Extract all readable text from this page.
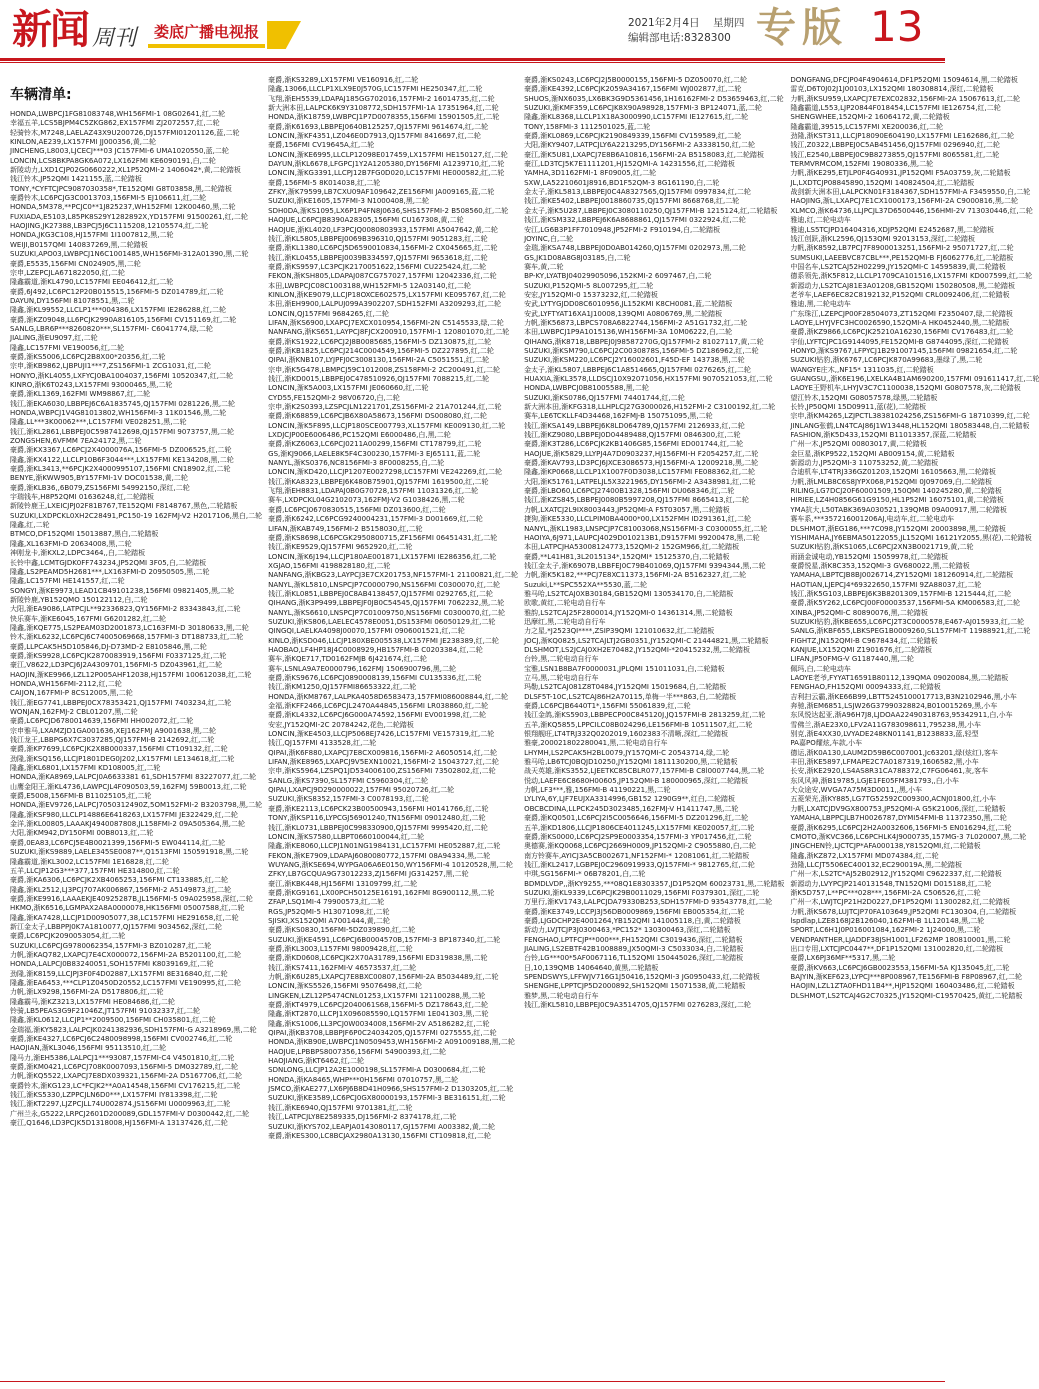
新闻 周刊	娄底广播电视报
2021年2月4日 星期四
编辑部电话:8328300 专版 13
车辆清单:
HONDA,LWBPCJ1FG81083748,WH156FMI-1 08G02641,红,二轮
幸福五羊,LCS5BJPM4C5ZKG862,EX157FMI ZJ2072557,红,二轮
轻骑铃木,M7248,LAELAZ43X9U200726,DJ157FMI01201126,蓝,二轮
KINLON,AE239,LX157FMI JJ000356,黄,二轮
JINCHENG,L8003,LJCECJ***03 JC157FMI-6 UMA1020550,蓝,二轮
LONCIN,LCS8BKPA8GK6A072,LX162FMI KE6090191,白,二轮
新陵动力,LXD1CJP02G0660222,XL1P52QMI-2 1406042*,黄,二轮踏板
钱江铃木,JP52QMI 1421155,蓝,二轮踏板
TONY,*CYFTCJPC9087030358*,TE152QMI G8T03858,黑,二轮踏板
豪爵铃木,LC6PCJG3C0013703,156FMI-5 EJ106611,红,二轮
HONDA,5M378,**PCJC0**1J825237,WH152FMI 12K00460,黑,二轮
FUXIADA,E5103,L85PK8S29Y1282892X,YD157FMI 91500261,红,二轮
HAOJING,JK27388,LB3PCJ5J6C1115208,12105574,红,二轮
HONDA,JKG3C108,HJ157FMI 1I1007812,黑,二轮
WEIJI,B0157QMI 140837269,黑,二轮踏板
SUZUKI,APO03,LWBPCJ1N6C1001485,WH156FMI-312A01390,黑,二轮
豪爵,E5535,156FMI CN024905,黑,二轮
宗申,LZEPCJLA671822050,红,二轮
隆鑫霸道,渐KL4790,LC157FMI EE046412,红,二轮
豪爵,6J492,LC6PC12P20B015515,156FMI-5 DZ014789,红,二轮
DAYUN,DY156FMI 81078551,黑,二轮
隆鑫,渐KL99552,LLCLP1***004386,LX157FMI IE286288,红,二轮
豪爵,渐KZ09048,LL6PCJK2990A816105,156FMI CV151169,红,二轮
SANLG,LBR6P***8260820***,SL157FMI- C6041774,绿,二轮
JIALING,渐EU9097,红,二轮
隆鑫,LC157FMI VE190056,红,二轮
豪爵,渐KS5006,LC6PCJ2B8X00*20356,红,二轮
宗申,渐KB9862,LJBPUJI1***7,ZS156FMI-1 ZCG1031,红,二轮
HONYO,渐KL4055,LXFYCJ0BA1004037,156FMI 10520347,红,二轮
KINRO,渐K6T0243,LX157FMI 93000465,黑,二轮
豪爵,渐KL1369,162FMI WM98867,红,二轮
钱江,渐EKA6030,LBBPEJ6C6A1835745,QJ157FMI 0281226,黑,二轮
HONDA,WBPCJ1V4G81013802,WH156FMI-3 11K01546,黑,二轮
隆鑫,LL***3K00062***,LC157FMI VE028251,黑,二轮
钱江,渐KL2861,LBBPEJ0C5987412698,QJ157FMI 9073757,黑,二轮
ZONGSHEN,6VFMM 7EA24172,黑,二轮
豪爵,渐KX3367,LC6PCJ2X4000076A,156FMI-5 DZ006525,红,二轮
隆鑫,渐KX4122,LLCLP10B6F3044***,LX157FMI KE134208,黑,二轮
豪爵,渐KL3413,**6PCJK2X4000995107,156FMI CN18902,红,二轮
BENYE,渐KWW905,BY157FMI-1V DOC01538,黄,二轮
豪爵,渐KLB36,,6B079,ZS156FMI 54992150,深红,二轮
宇瑞钱车,H8P52QMI 01636248,红,二轮踏板
新陵铃鹿王,LXEICJPJ02F81B767,TE152QMI F8148767,黑色,二轮踏板
SUZUKI,LXDPCKL0XH2C28491,PC150-19 162FMJ-V2 H2017106,黑白,二轮
隆鑫,红,二轮
BTMCO,DF152QMI 15013887,黑白,二轮踏板
隆鑫,XL163FMI-D 20634008,黑,二轮
神刚龙卡,渐KXL2,LDPC3464,,白,二轮踏板
长铃中鑫,LCMTGJDK0FF743234,JP52QMI 3F05,白,二轮踏板
隆鑫,LS2PEAMD5H2681***,LX163FMI-D 20950505,黑,二轮
隆鑫,LC157FMI HE141557,红,二轮
SONGYI,渐KE9973,LEAD1CB49101238,156FMI 09821405,黑,二轮
新陵铃鹿,YB152QMO 150122112,白,二轮
大阳,渐EA9086,LATPCJL**92336823,QY156FMI-2 83343843,红,二轮
快乐赛车,渐KE6045,167FMI G6201282,红,二轮
隆鑫,渐KQE775,LS2PEAM03D2001873,LC163FMI-D 30180633,黑,二轮
铃木,渐KL6232,LC6PCJ6C74005069668,157FMI-3 DT188733,红,二轮
豪爵,LLPCAK5H5D105846,DJ-D73MD-2 E8105846,黑,二轮
豪爵,渐KS9928,LC6PCJK2870083919,156FMI F0337125,红,二轮
豪江,V8622,LD3PCJ6J2A4309701,156FMI-5 DZ043961,红,二轮
HAOJIN,渐KE9966,LZL12P005AHF12038,HJ157FMI 100612038,红,二轮
HONDA,WH156FMI-2112,红,二轮
CAIJON,167FMI-P 8CS12005,黑,二轮
钱江,渐EG7741,LBBPEJ0CX78353421,QJ157FMI 7403234,红,二轮
WONJAN,162FMJ-2 CBL01207,黑,二轮
豪爵,LC6PCJD6780014639,156FMI HH002072,红,二轮
宗申雅马,LXAMZJD1GA001636,XEJ162FMJ A9001638,黑,二轮
钱江龙王,LBBPG6X7C3037285,QJ157FMI-B 2142692,红,二轮
豪爵,渐KP7699,LC6PCJK2X8B000337,156FMI CT109132,红,二轮
劲隆,渐KSQ156,LLCJP1801DEG0J202,LX157FMI LE134618,红,二轮
隆鑫,渐KL6801,LX157FMI KD108005,红,二轮
HONDA,渐KA8969,LALPCJ0A6633381 61,SDH157FMI 83227077,红,二轮
山鹰金阳王,渐KL4736,LAWPCJL4F090503,59,162FMJ 59B0013,红,二轮
豪爵,E5008,156FMI-B B11025105,红,二轮
HONDA,渐EV9726,LALPCJ7050312490Z,5OM152FMI-2 B3203798,黑,二轮
隆鑫,渐KSF980,LLCLP14886E6418263,LX157FMI JE322429,红,二轮
金洋,渐KL00805,LAAAKJ4940087808,JL158FMI-2 09A505364,黑,二轮
大阳,渐KM942,DY150FMI 00B8013,红,二轮
豪爵,0EA83,LC6PCJ5E4B0021399,156FMI-5 EW044114,红,二轮
SUZUKI,渐KS9889,LAELE345SE0087**,Q1513FMI 150591918,黑,二轮
隆鑫霸道,渐KL3002,LC157FMI 1E16828,红,二轮
五羊,LLCJP12G3***377,157FMI HE314800,红,二轮
豪爵,渐KA6306,LC6PCJK2XB4065253,156FMI CT133885,红,二轮
隆鑫,渐KL2512,LJ3PCJ707AK006867,156FMI-2 A5149873,红,二轮
豪爵,渐KE9916,LAAAEKJE40925287B,JL156FMI-5 09A025958,深红,二轮
HKMO,渐K6516,LGMPAX2A8A0000078,HK156FMI 05007588,红,二轮
隆鑫,渐KA7428,LLCJP1D00905077,38,LC157FMI HE291658,红,二轮
新江金太子,LBBPPJ0K7A1810077,QJ157FMI 9034562,深红,二轮
豪爵,LC6PCJK2090053054,红,二轮
SUZUKI,LC6PCJG9780062354,157FMI-3 BZ010287,红,二轮
力帆,渐KAQ782,LXAPCJ7E4CX000072,156FMI-2A B5201100,红,二轮
HONDA,LALPCJ0B83240051,SOH157FMI K8039169,红,二轮
劲隆,渐K8159,LLCJPJ3F0F4D02887,LX157FMI 8E316840,红,二轮
隆鑫,渐EA6453,***CLP1Z0450D20552,LC157FMI VE190995,红,二轮
力帆,渐LX9298,156FMI-2A D5178806,红,二轮
隆鑫霸马,渐KZ3213,LX157FMI HE084686,红,二轮
铃骑,LB5PEAS3G9F21046Z,JT157FMI 91032337,红,二轮
隆鑫,渐KL0612,LLCJP1**2009500,156FMI CH035801,红,二轮
金瑞福,渐KY5823,LALPCJK0241382936,SDH157FMI-G A3218969,黑,二轮
豪爵,渐KE4327,LC6PCJ6C2480098998,156FMI CV002746,红,二轮
HAOJIAN,渐KL3046,156FMI 95113510,红,二轮
隆马力,渐EH5386,LALPCJ1***93087,157FMI-C4 V4501810,红,二轮
豪爵,渐KM0421,LC6PCJ708K0007093,156FMI-5 DM032789,红,二轮
力帆,渐KQ5522,LXAPCJ7E8DX039321,156FMI-2A D5167706,红,二轮
豪爵铃木,渐KG123,LC*FCJK2**A0A14548,156FMI CV176215,红,二轮
钱江,渐KS5330,LZPPCJLN6D0***,LX157FMI IY813398,红,二轮
钱江,渐KT2297,LJZPCJLL74U002874,JS156FMI U0009963,红,二轮
广州兰永,G5222,LRPCJ2601D200089,GDL157FMI-V D0300442,红,二轮
豪江,Q1646,LD3PCJK5D1318008,HJ156FMI-A 13137426,红,二轮
豪爵,渐KS3289,LX157FMI VE160916,红,二轮
隆鑫,13066,LLCLP1XLX9E0J570G,LC157FMI HE250347,红,二轮
飞翔,渐EH5539,LDAPAJ185GG702016,157FMI-2 16014735,红,二轮
新大洲本田,LALPCK6K9Y3108772,SDH157FMI-1A 17351964,红,二轮
HONDA,渐K18759,LWBPCJ1P7D0078355,156FMI 15901505,红,二轮
豪爵,渐K61693,LBBPEJ0640B125257,QJ157FMI 9614674,红,二轮
LONCIN,渐KF4351,LZ046E0D7913,QJ157FMI 8416697,红,二轮
豪爵,156FMI CV19645A,红,二轮
LONCIN,渐KE6995,LLCLP12098E017459,LX157FMI HE150127,红,二轮
DAYUN,渐KL6678,LFGPCJ1Y2A1205380,DY156FMI A1239710,红,二轮
LONCIN,渐KG3391,LLCPJ12B7FG0D020,LC157FMI HE000582,红,二轮
豪爵,156FMI-5 8K014038,红,二轮
ZFKY,渐K79599,LB7CXU09AF109642,ZE156FMI JA009165,蓝,二轮
SUZUKI,渐KE1605,157FMI-3 N1000408,黑,二轮
SDH0DA,渐KS1095,LX6P1P4FN8J0636,SHS157FMI-2 B508560,红,二轮
HAOJUE,LC6PCJB8390A28305,156FMI CU167308,黄,二轮
HAOJUE,渐KL4020,LF3PCJQ0080803933,157FMI A5047642,黄,二轮
钱江,渐KL5805,LBBPEJ0069B396310,QJ157FMI 9051283,红,二轮
豪爵,渐KL1380,LC6PCJ5D6590010834,156FMI-2 CX045665,红,二轮
钱江,渐KL0455,LBBPEJ0039B334597,QJ157FMI 9653618,红,二轮
豪爵,渐KS9597,LC3PCJK2170051622,156FMI CU225424,红,二轮
FEKON,渐KSH805,LDAPAJ087CG757027,157FMI 12042336,红,二轮
本田,LWBPCJC08C1003188,WH152FMI-5 12A03140,红,二轮
KINLON,渐KE9079,LLCJP18OXCE602575,LX157FMI KE095767,红,二轮
本田,渐EH9900,LALPUJ099A3902207,SDH152FMI A3209293,红,二轮
LONCIN,QJ157FMI 9684265,红,二轮
LIFAN,渐KS6900,LXAPCJ7EXCX010954,156FMI-2N C5145533,绿,二轮
NANFANG,渐KS651,LAYPCJ8FJCX200910,157FMI-1 120801070,红,二轮
豪爵,渐KS1922,LC6PCJ2J8B0085685,156FMI-5 DZ130875,红,二轮
豪爵,渐KB1825,LC6PCJ214C0004549,156FMI-5 DZ227895,红,二轮
QIPAI,渐KNB107,LYJPFJ0C3008130,156FMI-2A C5051551,红,二轮
宗申,渐K5G478,LBMPCJ59C1012008,ZS158FMI-2 2C200491,红,二轮
钱江,渐KD0015,LBBPEJ0C478510926,QJ157FMI 7088215,红,二轮
LONCIN,渐K5A003,LX157FMI JE060660,红,二轮
CYD55,FE152QMI-2 98V06720,白,二轮
宗申,渐K2S0393,LZSPCJLN1221701,ZS156FMI-2 21A701244,红,二轮
豪爵,渐K68859,LC6PCJB6X80A58673,156FMI DS008080,红,二轮
LONCIN,渐K5F895,LLCJP180SCE007793,XL157FMI KE009130,红,二轮
LXDJCJP00E6006486,PC152QMI E6000486,白,黑,二轮
豪爵,渐KZ6063,LC6PCJ0211A00299,156FMI CT178799,红,二轮
GS,渐KJ9066,LAELE8K5F4C300230,157FMI-3 EJ65111,蓝,二轮
NANYL,渐KS0376,NC8156FMI-3 8F0008255,白,二轮
LONCIN,渐KD420,LLCJP1207E0027298,LC157FMI VE242269,红,二轮
钱江,渐KA8323,LBBPEJ6K480B75901,QJ157FMI 1619500,红,二轮
飞翔,渐EH8831,LDAPAJ0B0G70728,157FMI 11031326,红,二轮
赛车,LXDPCKL04G2102073,162FMJ-V2 G1038426,黑,二轮
豪爵,LC6PCJ0670830515,156FMI DZ013600,红,二轮
豪爵,渐K6242,LC6PCG9240004231,157FMI-3 D001669,红,二轮
LIFAN,渐KAB749,156FMI-2 B5158030,红,二轮
豪爵,渐KS8698,LC6PCGK2950800715,ZF156FMI 06451431,红,二轮
钱江,渐KE9529,QJ157FMI 9652920,红,二轮
LONCIN,渐K6J194,LLCJP180AE001871,LX157FMI IE286356,红,二轮
XGJAO,156FMI 4198828180,红,二轮
NANFANG,渐KBG23,LAYPCJ3E7CX201753,NF157FMI-1 21100821,红,二轮
NANYL,渐KL5810,LNSPCJP7C0000790,NS156FMI C0300070,红,二轮
钱江,渐KL0851,LBBPEJ0C8AB4138457,QJ157FMI 0292765,红,二轮
QIHANG,渐K3P9499,LBBPEJF0JB0C54545,QJ157FMI 7062232,黑,二轮
NANYL,渐KS6610,LNSPCJP7C01009750,NS156FMI C0300070,红,二轮
SUZUKI,渐KS806,LAELEC4578E0051,DS153FMI 06050129,红,二轮
QINGQI,LAELKA4098J00070,157FMI 0906001521,红,二轮
KINLO,渐KSD046,LLCJP180XBE005538,LX157FMI JE238389,红,二轮
HAOBAO,LF4HP18J4C0008929,HB157FMI-B C0203384,红,二轮
赛车,渐KQE717,TD0162FMJB 6J421674,红,二轮
赛车,LSNLA9A7E0000796,162FMJ 1506900796,黑,二轮
豪爵,渐KS9676,LC6PCJ0890008139,156FMI CU135336,红,二轮
钱江,渐KM1250,QJ157FMI86653322,红,二轮
HONDA,渐KM8767,LALPKA4058D6583473,157FMI086008844,红,二轮
金福,渐KFF2466,LC6PCJL2470A44845,156FMI LR038860,红,二轮
豪爵,渐KL4332,LC6PCJ6G000A74592,156FMI EV001998,红,二轮
安宏,JY152QMI-2C 20784242,花色,二轮踏板
LONCIN,渐KE4503,LLCJP5068EJ7426,LC157FMI VE157319,红,二轮
钱江,QJ157FMI 4133528,红,二轮
QIPAI,渐K6F880,LXAPCJ7E8CX009816,156FMI-2 A6050514,红,二轮
LIFAN,渐KE8965,LXAPCJ9V5EXN10021,156FMI-2 15043727,红,二轮
宗申,渐KS5964,LZSPQ1JD534006100,ZS156FMI 73502802,红,二轮
SANLG,渐KS7390,SL157FMI C5960304,红,二轮
QIPAI,LXAPCJ9D290000022,157FMI 95020726,红,二轮
SUZUKI,渐KS8352,157FMI-3 C0078193,红,二轮
豪爵,渐KE2113,LC6PCK23B00500943,156FMI H0141766,红,二轮
TONY,渐KSP116,LYPCGJ56901240,TN156FMI 09012480,红,二轮
钱江,渐KL0731,LBBPEJ0C998330900,QJ157FMI 9995420,红,二轮
LONCIN,渐KS7580,LLBPT0660100044,红,二轮
隆鑫,渐KE8060,LLCPJ1N01NG1984131,LC157FMI HE052887,红,二轮
FEKON,渐KE7909,LDAPAJ6080080772,157FMI 08A94334,黑,二轮
WUYANG,渐KSE694,WYPGA06A6E0150,WY156FMI-4 10120528,黑,二轮
ZFKY,LB7GCQUA9G73012233,ZJ156FMI JG314257,黑,二轮
豪江,渐KBK448,HJ156FMI 13109799,红,二轮
豪爵,渐KG9161,LX00PCH50125E16191,162FMI 8G900112,黑,二轮
ZFAP,LSQ1MI-4 79900573,红,二轮
RGS,JP52QMI-5 H13071098,红,二轮
SJISKI,XS152QMI A7001444,黄,二轮
豪爵,渐KS0830,156FMI-5DZ039890,红,二轮
SUZUKI,渐KE4591,LC6PCJ6B0004570B,157FMI-3 BP187340,红,二轮
豪爵,渐KL3003,L157FMI 98009428,红,二轮
豪爵,渐KD0608,LC6PCJK2X70A31789,156FMI ED319838,黑,二轮
钱江,渐KS7411,162FMI-V 46573537,红,二轮
力帆,渐K6U285,LXAPCJ7E8BXC00807,156FMI-2A B5034489,红,二轮
LONCIN,渐KS5526,156FMI 95076498,红,二轮
LINGKEN,LZL12P5474CNL01253,LX157FMI 121100288,黑,二轮
豪爵,渐KT4979,LC6PCJ2040061S68,156FMI-5 DZ178643,红,二轮
隆鑫,渐KT2870,LLCPJ1X096085590,LQ157FMI 1E041303,黑,二轮
隆鑫,渐KS1006,LL3PCJ0W0034008,156FMI-2V A5186282,红,二轮
QIPAI,渐KB3708,LBBPJF6P0C24034205,QJ157FMI 0275555,红,二轮
HONDA,渐KB90E,LWBPCJ1N0509453,WH156FMI-2 A091009188,黑,二轮
HAOJUE,LPBBPS8007356,156FMI 54900393,红,二轮
HAOJIANG,渐KT6462,红,二轮
SDNLONG,LLCJP12A2E1000198,SL157FMI-A D0300684,红,二轮
HONDA,渐KA8465,WHP***0H156FMI 07010757,黑,二轮
JSMCO,渐KAE277,LX6PJ6B8D41H0966,SHS157FMI-2 D1303205,红,二轮
SUZUKI,渐KE3589,LC6PCJ0GX80000193,157FMI-3 BE316151,红,二轮
钱江,渐KE6940,QJ157FMI 9701381,红,二轮
钱江,LATPCJLY8E2589335,DJ156FMI-2 8374178,红,二轮
SUZUKI,渐KYS702,LEAPJA0143080117,GJ157FMI A003382,黄,二轮
豪爵,渐KES300,LC8BCJAX2980A13130,156FMI CT109818,红,二轮
豪爵,渐KS0243,LC6PCJ2J5B0000155,156FMI-5 DZ050070,红,二轮
豪爵,渐KE4392,LC6PCJK2059A34167,156FMI WJ002877,红,二轮
SHUOS,渐NX6035,LX6BK3G9D5361456,1H16162FMI-2 D53659463,红,二轮
SUZUKI,渐KMF359,LC6PCJK8X90A98928,157FMI-3 BP124071,蓝,二轮
隆鑫,渐KL8368,LLCLP1X18A3000990,LC157FMI IE127615,红,二轮
TONY,158FMI-3 1112501025,蓝,二轮
豪爵,渐KL0869,LC6PCJK2190849339,156FMI CV159589,红,二轮
大阳,渐KY9407,LATPCJLY6A2213295,DY156FMI-2 A3338150,红,二轮
豪江,渐K5U81,LXAPCJ7E8B6A10816,156FMI-2A B5158083,红,二轮踏板
豪江,LD3TCJ5K7E1111201,HJ152QMI-A 14231556,红,二轮踏板
YAMHA,3D1162FMI-1 8F09005,红,二轮
SXW,LA52210601J8916,BD1F52QM-3 8G161190,白,二轮
金太子,渐KL5813,LBBPEJ0C4A8327565,QJ157FMI 0997834,红,二轮
钱江,渐KE5402,LBBPEJ0018860735,QJ157FMI 8668768,红,二轮
金太子,渐K5U287,LBBPEJ0C3080110250,QJ157FMI-B 1215124,红,二轮踏板
钱江,渐KSM332,LBBPEJ6K6A8688861,QJ157FMI 0322924,红,二轮
安江,LG6B3P1FF7010948,JP52FMI-2 F910194,白,二轮踏板
JOYINC,白,二轮
金瑞,渐KSA748,LBBPEJ0D0AB014260,QJ157FMI 0202973,黑,二轮
GS,JK1D08A8G8J03185,白,二轮
赛车,黄,二轮
BP-KY,LYATBJ04029905096,152KMI-2 6097467,白,二轮
SUZUKI,P152QMI-5 8L007295,红,二轮
安宏,JY152QMI-0 15373232,红,二轮踏板
安武,LYTYGJDD08C6010956,JL152KMI K8CH0081,蓝,二轮踏板
安武,LYFTYAT16XA1J10008,139QMI A0806769,黑,二轮踏板
力帆,渐K56873,LBPCS708A6822744,156FMI-2 A51G1732,红,二轮
本田,LWBPCJ1P9A1015136,WH156FMI-3A 10M06222,白,二轮
QIHANG,渐K8718,LBBPEJ0J98587270G,QJ157FMI-2 81027117,黄,二轮
SUZUKI,渐KSM790,LC6PCJ2C0030878S,156FMI-5 DZ186962,红,二轮
SUZUKI,渐KSM220,LC6PCJ2Y16002601,F45D-EF 143738,黑,二轮
金太子,渐KL5807,LBBPEJ6C1A8514665,QJ157FMI 0276265,红,二轮
HUAXIA,渐KL3578,LLDSCJ10X92071056,HX157FMI 9070521053,红,二轮
HONDA,LWBPCJ0B81005588,黑,二轮
SUZUKI,渐KS0786,QJ157FMI 74401744,红,二轮
新大洲本田,渐KFG318,LLHPLCJ27G3000026,H152FMI-2 C3100192,红,二轮
赛车,LE6TCKLLF4D34468,162FMJ-B 150751095,黑,二轮
钱江,渐KSA149,LBBPEJ6K8LD064789,QJ157FMI 2126933,红,二轮
钱江,渐KZ9080,LBBPEJ0D04489488,QJ157FMI 0846300,红,二轮
豪爵,渐K3T286,LC6PCJK2KB1406G85,156FMI ED001744,红,二轮
HAOJUE,渐K5829,LLYPJ4A7D0903237,HJ156FMI-H F2054257,红,二轮
豪爵,渐KAV793,LD3PCJ6JXCE3086573,HJ156FMI-A 12009218,黑,二轮
隆鑫,渐KP0668,LLCLP1X1007F0D3038,LC157FMI FE088362,红,二轮
大阳,渐K51761,LATPELJL5X3221965,DY156FMI-2 A3438981,红,二轮
豪爵,渐LBO60,LC6PCJ27400B1328,156FMI DU068346,红,二轮
钱江,渐KZS845,LBBPEJ0080B5997208,QJ157FMI 8665413,红,二轮
力帆,LXATCJ2L9IX8003443,JP52QMI-A F5T03057,黑,二轮踏板
捷狗,渐KE5330,LLCLPIM0BA4000*00,LX152FMH ID291361,红,二轮
NANYL,渐KL1983,LNSPCJP7C81003068,NS156FMI-3 C0300055,红,二轮
HAOIYA,6J971,LAUPCJ4029D010213B1,D9157FMI 99200478,黑,二轮
本田,LATPCJHA53008124773,152QMI-2 152GM966,红,二轮踏板
豪爵,**L41H81,3L2015134*,152QMI* 15125370,白,二轮踏板
钱江金太子,渐K6907B,LBBFEJ0C79B401069,QJ157FMI 9394344,黑,二轮
力帆,渐K5K182,***PCJ7E8XC11373,156FMI-2A B5162327,红,二轮
Suzuki,L**SPC552XA**5530,蓝,二轮
雅马哈,LS2TCAJ0XB30184,GB152QMI 130534170,白,二轮踏板
欧歌,黄红,二轮电动自行车
雅韵,LS2TCAJ25F2800014,JY152QMI-0 14361314,黑,二轮踏板
迅摩红,黑,二轮电动自行车
力之星,*J2523QI****,ZSIP39QMI 121010632,红,二轮踏板
JOCJ,渐KQ0825,LS2TCAJLTJ2GB0351,JY152QMI-C 21444821,黑,二轮踏板
DLSHMOT,LS2JCAJ0XH2E70482,JY152QMI-*20415232,黑,二轮踏板
台铃,黑,二轮电动自行车
宝雅,LSN1B8BA7F0000031,JPLQMI 151011031,白,二轮踏板
立马,黑,二轮电动自行车
玛勒,LS2TCAJ081Z8T0484,JY152QMI 15019684,白,二轮踏板
DLSF5T-10C,LS2TCAJ86H2A70115,单梅一半***863,白,二轮踏板
豪爵,LC6PCJB6440T1*,156FMI 55061839,红,二轮
钱江金鸽,渐KS5903,LBBPECP00C845120J,JQ157FMI-B 2813259,红,二轮
五羊,渐KQ5855,LPPCILC08B024296,LE156FMI-B 10511507,红,二轮
银翔舰旺,LT4TRJ332Q0202019,1602383不清晰,深红,二轮踏板
雅豪,200021802280041,黑,二轮电动自行车
LHYMH,LS2PCAK5H2BL0079,JY157QMI-C 20543714,绿,二轮
雅马哈,LB6TCJ0BQJD10250,JY152QMI 1811130200,黑,二轮踏板
战天英雄,渐KS3552,LJEETKC85CBLR077,157FMI-B C8l0007744,黑,二轮
悦动,LAEFE6C8680H00605,JP152QMI-B 180000965,深红,二轮踏板
力帆,LF3***,雅,156FMI-B 41190221,黑,二轮
LYLIYA,6Y,LJF7EUJXA3314996,GB152 1290G9**,红白,二轮踏板
OBCBCDINA,LLPCK245D3023485,162FMJ-V H1411747,黑,二轮
豪爵,渐KQ0501,LC6PCJ2I5C0056646,156FMI-5 DZ201296,红,二轮
五羊,渐KD1806,LLCJP1806CE4011245,LX157FMI KE020057,红,二轮
豪爵,渐KS0000,LC6PCJ2SP9E0003354,157FMI-3 YP017456,红,二轮
奥德赛,渐KQ0068,LC6PCJ2669H0009,JP152QMI-2 C9055880,白,二轮
南方铃赛车,AYICJ3A5CB002671,NF152FMI-* 12081061,红,二轮踏板
钱江,渐KL2417,LGBPEJ0C2960919933,QJ157FMI-* 9812765,红,二轮
中琪,SG156FMI-* 06B78201,白,二轮
BDMDLVDP,,渐KY9255,***08Q1E8303357,JD1P52QM 60023731,黑,二轮踏板
SUZUKI,渐KL9339,LC6PCJK29B0011029,156FMI F0379301,深红,二轮
万里行,渐KV1743,LALPCJDA79330B253,SDH157FMI-D 93543778,红,二轮
豪爵,渐KE3749,LCCPJ3J56DB0009869,156FMI EB005354,红,二轮
豪爵,LJGDCHP2E4001264,YB152QMI 141005118,白,黄,二轮踏板
新动力,LVJTCJP3J0300463,*PC152* 130300463,深红,二轮踏板
FENGHAO,LPTFCJP**000***,FH152QMI C3019436,深红,二轮踏板
JIALING,LS2EBTF42B1008889,JX50QMI-3 C5033034,白,二轮踏板
台铃,LG***00*5AF0067116,TL152QMI 150445026,深红,二轮踏板
日,10,139QMB 14064640,黄黑,二轮踏板
SPENDSWYS,LFFWJV716G1J50416,152QMI-3 JG0950433,红,二轮踏板
SHENGHE,LPPTCJP5D2000892,SH152QMI 15071538,黄,二轮踏板
雅梦,黑,二轮电动自行车
钱江,渐KL5810,LBBPEJ0C9A3514705,QJ157FMI 0276283,深红,二轮
DONGFANG,DFCJP04F4904614,DF1P52QMI 15094614,黑,二轮踏板
雷克,D6T0J02J1J00103,LX152QMI 180308814,深红,二轮踏板
力帆,渐KSU959,LXAPCJ7E7EXC02832,156FMI-2A 15067613,红,二轮
隆鑫霸道,L553,LJP20844F018454,LC157FMI IE126754,红,二轮
SHENGWHEE,152QMI-2 16064172,黄,二轮踏板
隆鑫霸道,39515,LC157FMI XE200036,红,二轮
劲隆,渐KST311,LLCJP18090E604190,LX157FMI LE162686,红,二轮
钱江,Z0322,LBBPEJ0C5AB451456,QJ157FMI 0296940,红,二轮
钱江,E2540,LBBPEJ0C9B8273855,QJ157FMI 8065581,红,二轮
TERMVRMCOM,152FMI 19080336,黑,二轮
力帆,渐KE295,ETJLP0F4G40931,JP152QMI F5A03759,灰,二轮踏板
JL,LXDTCJP08845890,152QMI 140824504,红,二轮踏板
战剑新大洲本田,LALPCKN01F3184367,SDH157FMI-A F3459550,白,二轮
HAOJING,渐L,LXAPCJ7E1CX1000173,156FMI-2A C9000816,黑,二轮
XLMCO,渐K64736,LLJPCJL37D6500446,156HMI-2V 713030446,红,二轮
雅迪,红,二轮电动车
雅迪,LS5TCJPD16404316,XDJP52QMI E2452687,黑,二轮踏板
钱江创跃,渐KL2596,QJ153QMI 92013153,深红,二轮踏板
力帆,渐K8592,LB7PCJ7F8900013251,156FMI-2 95071727,红,二轮
SUMSUKI,LAEEBVC87CBL***,PE152QMI-B FJ6062776,红,二轮踏板
中国名车,LS2TCAJ52H02299,JY152QMI-C 14595839,黄,二轮踏板
德系领先,渐K5F812,LLCLP1709CA101516,LX157FMI KD007599,红,二轮
新源动力,LS2TCAJ81E3A01208,GB152QMI 150280508,黑,二轮踏板
老爷车,LAEF6EC82C8192132,P152QMI CRL0092406,红,二轮踏板
雅迪,黑,二轮电动车
广东珠江,LZEPCJP00F28504073,ZT152QMI F2350407,绿,二轮踏板
LAOYE,LHYJVFC3HC0026590,152QMI-A HK0452440,黑,二轮踏板
豪爵,渐KZ9866,LC6PCJK25210A16230,156FMI CV176483,红,二轮
宇仙,LYFTCJPC1G9144095,FE152QMI-B G8744095,深红,二轮踏板
HONYO,渐KS9767,LFPYCJ1B291007145,156FMI 09821654,红,二轮
SUZUKI钻豹,渐K6767,LC6PCJK870A99683,墨绿了,黑,二轮
WANGYE庄木,,NF15* 1311035,红,二轮踏板
GUANGSU,,渐K6E196,LXELKA4B1AM690200,157FMI 091611417,红,二轮
LAOYE王野机车,LHYJV3C7C1100038,152QMI G0807578,灰,二轮踏板
望江铃木,152QMI G08057578,绿黑,二轮踏板
长铃,JP50QMI 15D09911,蓝(花),二轮踏板
宗申,渐KM4265,LZJPCTL38381024256,ZS156FMI-G 18710399,红,二轮
JINLANG张鹤,LN4TCAJ86J1W13448,HL152QMI 180583448,白,二轮踏板
FASHION,渐K5D433,152QMI B11013357,深蓝,二轮踏板
广州一木,JP52QMI 00803017,黄,二轮踏板
金巨星,渐KP9522,152QMI AB009154,黄,二轮踏板
新源动力,JP52QMI-3 110753252,黄,二轮踏板
合迪机车,LT4TRJ336GZ01203,152QMI 16105663,黑,二轮踏板
力帆,渐LMLB8C6S8JYPX068,P152QMI 0J097069,白,二轮踏板
RILING,LG7DCJ20F60001509,150QMI 140245280,黄,二轮踏板
HIRIEE,LZ4H0856G61G9150,HL1P52MI 16075101,黄,二轮踏板
YMA抗大,L50TABK369A030521,139QMB 09A00917,黑,二轮踏板
赛车系,***357216001206AJ,电动车,红,二轮电动车
DLSHMOT,渐EG186,***7C098,JY152QMI 20003898,黑,二轮踏板
YISHIMAHA,JY6EBMA50122055,JL152QMI 16121Y2055,黑(花),二轮踏板
SUZUKI钻豹,渐KS1065,LC6PCJ2XN3B0021719,黄,二轮
雨涵金诚电动,YB152QMI 15059978,红,二轮踏板
豪爵悦星,渐K8C353,152QMI-3 GV680022,黑,二轮踏板
YAMAHA,LBPTCJB8BJ0026714,ZY152QMI 181260914,红,二轮踏板
HAOTIAN,LJEPCJ4*69322650,157FMI 9ZA88037,红,二轮
钱江,渐K5G103,LBBPEJ6K3B8201309,157FMI-B 1215444,红,二轮
豪爵,渐K5Y262,LC6PCJ00F00003537,156FMI-5A KM006583,红,二轮
XINBA,JP52QMI-C 80890076,黑,二轮踏板
SUZUKI钻豹,渐KBE655,LC6PCJ2T3C0000578,E467-AJ015933,红,二轮
SANLG,渐KBF655,LBKSPEG1B0009260,SL157FMI-T 11988921,红,二轮
FIGHTZ,JN152QMI-B C9678434,红,二轮踏板
KANJUE,LX152QMI Z1901676,红,二轮踏板
LIFAN,JP50FMG-V G1187440,黑,二轮
佩玛,白,二轮电动车
LAOYE老爷,FYYAT16591B80112,139QMA 09020084,黑,二轮踏板
FENGHAO,FH152QMI 00094333,红,二轮踏板
吉利扫云霸,渐KE66B99,LBTT5245100017713,B3N2102946,黑,小车
奔驰,渐EM6851,LSJW26G37990328824,B010015269,黑,小车
东风悦达起亚,渐A96H7J8,LJDOAA22490318763,95342911,白,小车
雪佛兰,渐AE23X0,LFV2A11G783098611,795238,黑,小车
别克,渐E4XX30,LVYADE248KN01141,B1238833,蓝,轻型
PA嘉PO耀炫,车款,小车
德运,渐K0A130,LAUM2D59B6C007001,Jc63201,绿(炫红),客车
丰田,渐KE5897,LFMAPE2C7A0187319,1606582,黑,小车
长安,渐KE2920,LS4AS8R31CA788372,C7FG06461,灰,客车
东风风神,渐B19785,LGJE1FE05FM381793,,白,小车
大众途安,WVGA7A75M3D0011,,黑,小车
五菱荣光,渐KY885,LG7TG52592C009300,ACNJ01800,红,小车
力帆,LXATCJDV9GX800753,JP52QMI-A G5K21006,深红,二轮踏板
YAMAHA,LBPPCJLB7H0026787,DYMI54FMI-B 11372350,黑,二轮
豪爵,渐K6295,LC6PCJ2H2A0032606,156FMI-5 EN016294,红,二轮
CMOTO,渐KVC366,LC6PCHLK4J9000735,157MG-3 7L020007,黑,二轮
JINGCHEN铃,LJCTCJP*AFA000138,Y8152QMI,红,二轮踏板
隆鑫,渐KZ872,LX157FMI MD074384,红,二轮
劲隆,LLCJT5506EC400132,EC290019A,黑,二轮踏板
广州一木,LS2TC*AJ52B02912,JY152QMI C9622337,红,二轮踏板
新源动力,LVYPCJP2140131548,TN152QMI D015188,红,二轮
渐K5D757,L**PC***028***,156FMI-2A C506526,红,二轮
广州一木,LWJTCJP21H2D0227,DF1P52QMI 11300282,红,二轮踏板
力帆,渐KS678,LUJTCJP70FA103649,JP52QMI FC130304,白,二轮踏板
lspdlap,LZE8168J2B126040,162FMI-B 1L120148,黑,二轮
SPORT,LC6H1J0P016001084,162FMI-2 1J24000,黑,二轮
VENDPANTHER,LJADDF38JSH1001,LF262MP 180810001,黑,二轮
出口专用,LXTCJPC0447**,DF1P152QMI 131002820,红,二轮踏板
豪爵,LX6PJ36MF**5317,黑,二轮
豪爵,渐KV663,LC6PCJ6GB0023553,156FMI-5A KJ135045,红,二轮
BAJYIN,渐KEF623,LYPCJ***8P008967,TE156FMI-B F8P08967,红,二轮
HAOJIN,LZL1ZTA0FHD11B4**,HJP152QMI 160403486,红,二轮踏板
DLSHMOT,LS2TCAJ4G2C70325,JY152QMI-C19570425,黄红,二轮踏板
